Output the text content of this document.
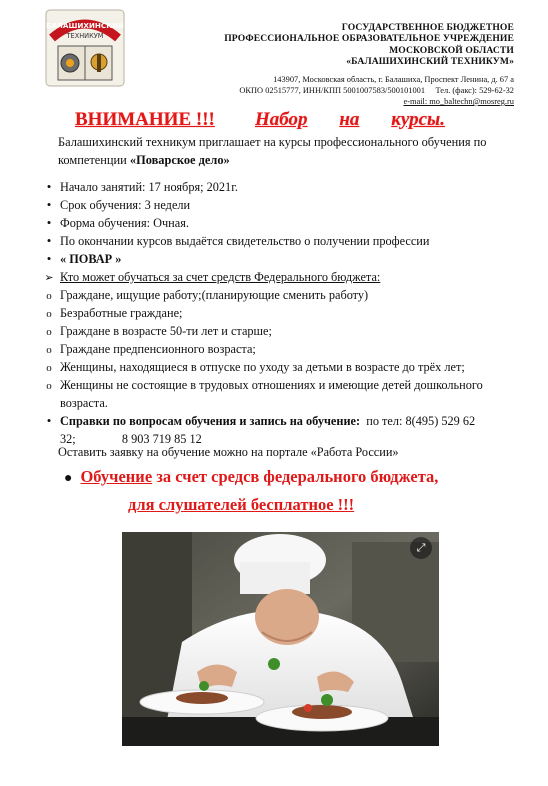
БАЛАШИХИНСКИЙ
ТЕХНИКУМ
ГОСУДАРСТВЕННОЕ БЮДЖЕТНОЕ
ПРОФЕССИОНАЛЬНОЕ ОБРАЗОВАТЕЛЬНОЕ УЧРЕЖДЕНИЕ
МОСКОВСКОЙ ОБЛАСТИ
«БАЛАШИХИНСКИЙ ТЕХНИКУМ»
143907, Московская область, г. Балашиха, Проспект Ленина, д. 67 а
ОКПО 02515777, ИНН/КПП 5001007583/500101001 Тел. (факс): 529-62-32
e-mail: mo_baltechn@mosreg.ru
ВНИМАНИЕ !!! Набор на курсы.
Балашихинский техникум приглашает на курсы профессионального обучения по компетенции «Поварское дело»
•
Начало занятий: 17 ноября; 2021г.
•
Срок обучения: 3 недели
•
Форма обучения: Очная.
•
По окончании курсов выдаётся свидетельство о получении профессии
•
« ПОВАР »
➢
Кто может обучаться за счет средств Федерального бюджета:
o
Граждане, ищущие работу;(планирующие сменить работу)
o
Безработные граждане;
o
Граждане в возрасте 50-ти лет и старше;
o
Граждане предпенсионного возраста;
o
Женщины, находящиеся в отпуске по уходу за детьми в возрасте до трёх лет;
o
Женщины не состоящие в трудовых отношениях и имеющие детей дошкольного возраста.
•
Справки по вопросам обучения и запись на обучение: по тел: 8(495) 529 62
32;	8 903 719 85 12
Оставить заявку на обучение можно на портале «Работа России»
● Обучение за счет средсв федерального бюджета,
для слушателей бесплатное !!!
⤢
